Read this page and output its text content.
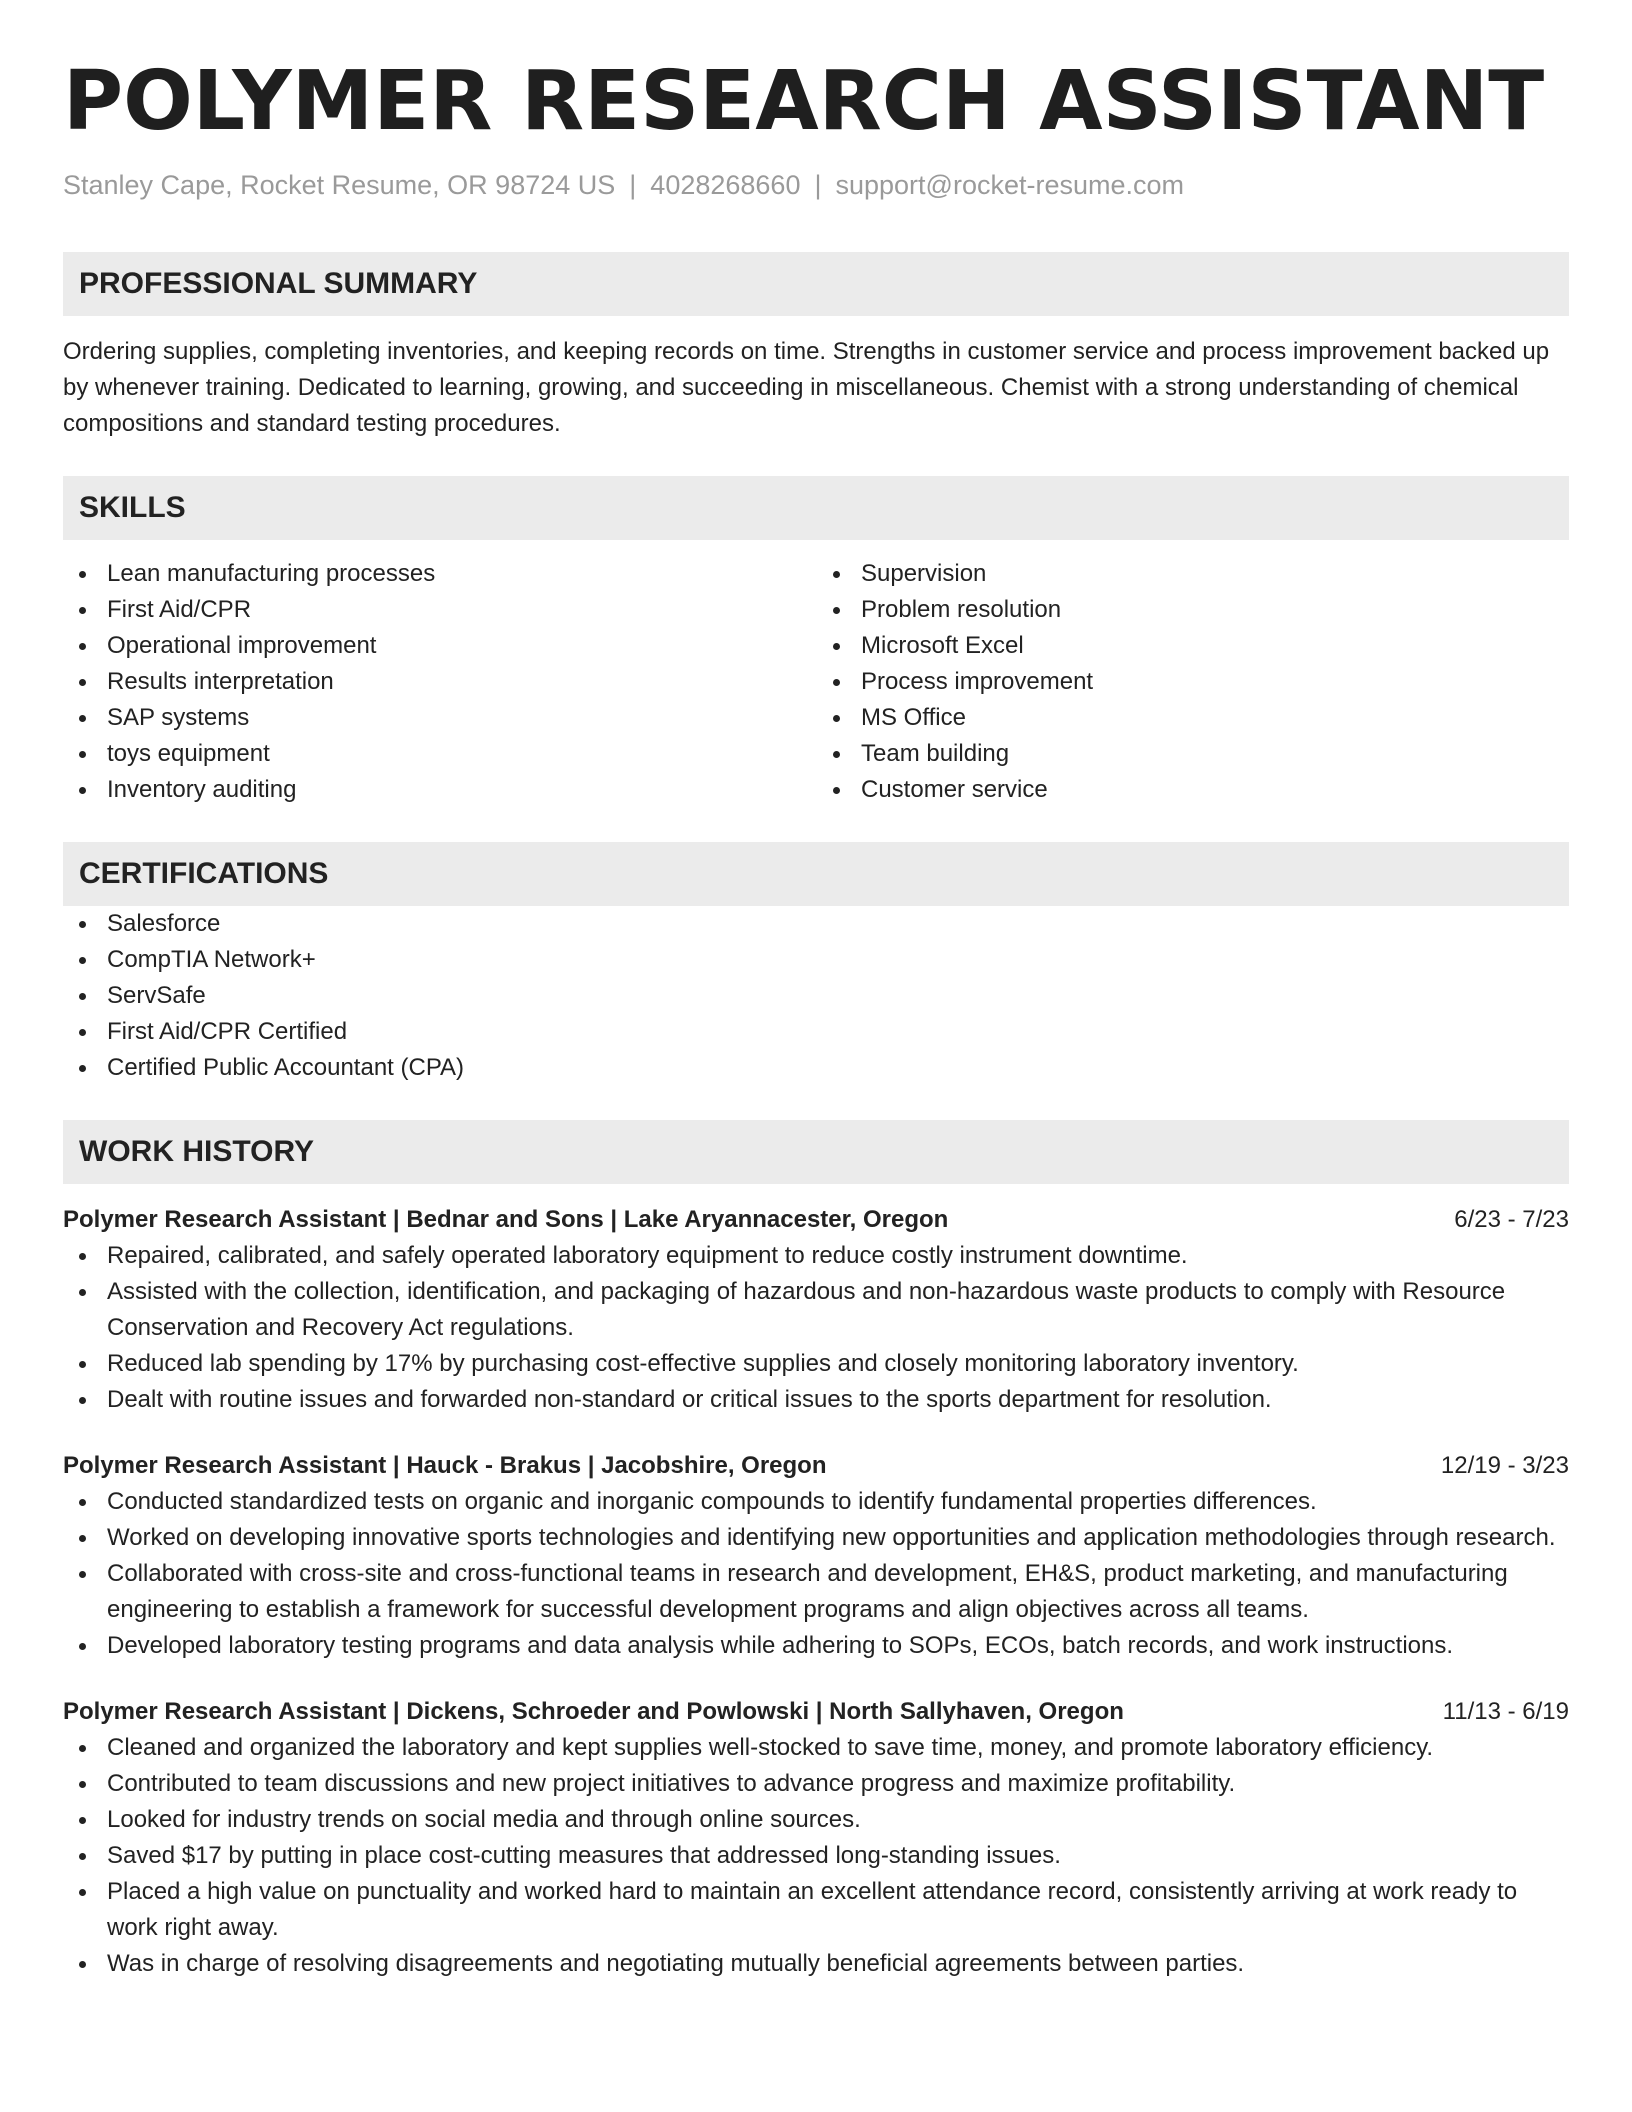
POLYMER RESEARCH ASSISTANT
Stanley Cape, Rocket Resume, OR 98724 US | 4028268660 | support@rocket-resume.com
PROFESSIONAL SUMMARY

Ordering supplies, completing inventories, and keeping records on time. Strengths in customer service and process improvement backed up by whenever training. Dedicated to learning, growing, and succeeding in miscellaneous. Chemist with a strong understanding of chemical compositions and standard testing procedures.

SKILLS
Lean manufacturing processes
First Aid/CPR
Operational improvement
Results interpretation
SAP systems
toys equipment
Inventory auditing
Supervision
Problem resolution
Microsoft Excel
Process improvement
MS Office
Team building
Customer service
CERTIFICATIONS
Salesforce
CompTIA Network+
ServSafe
First Aid/CPR Certified
Certified Public Accountant (CPA)
WORK HISTORY
Polymer Research Assistant | Bednar and Sons | Lake Aryannacester, Oregon	6/23 - 7/23
Repaired, calibrated, and safely operated laboratory equipment to reduce costly instrument downtime.
Assisted with the collection, identification, and packaging of hazardous and non-hazardous waste products to comply with Resource Conservation and Recovery Act regulations.
Reduced lab spending by 17% by purchasing cost-effective supplies and closely monitoring laboratory inventory.
Dealt with routine issues and forwarded non-standard or critical issues to the sports department for resolution.
Polymer Research Assistant | Hauck - Brakus | Jacobshire, Oregon	12/19 - 3/23
Conducted standardized tests on organic and inorganic compounds to identify fundamental properties differences.
Worked on developing innovative sports technologies and identifying new opportunities and application methodologies through research.
Collaborated with cross-site and cross-functional teams in research and development, EH&S, product marketing, and manufacturing engineering to establish a framework for successful development programs and align objectives across all teams.
Developed laboratory testing programs and data analysis while adhering to SOPs, ECOs, batch records, and work instructions.
Polymer Research Assistant | Dickens, Schroeder and Powlowski | North Sallyhaven, Oregon	11/13 - 6/19
Cleaned and organized the laboratory and kept supplies well-stocked to save time, money, and promote laboratory efficiency.
Contributed to team discussions and new project initiatives to advance progress and maximize profitability.
Looked for industry trends on social media and through online sources.
Saved $17 by putting in place cost-cutting measures that addressed long-standing issues.
Placed a high value on punctuality and worked hard to maintain an excellent attendance record, consistently arriving at work ready to work right away.
Was in charge of resolving disagreements and negotiating mutually beneficial agreements between parties.
